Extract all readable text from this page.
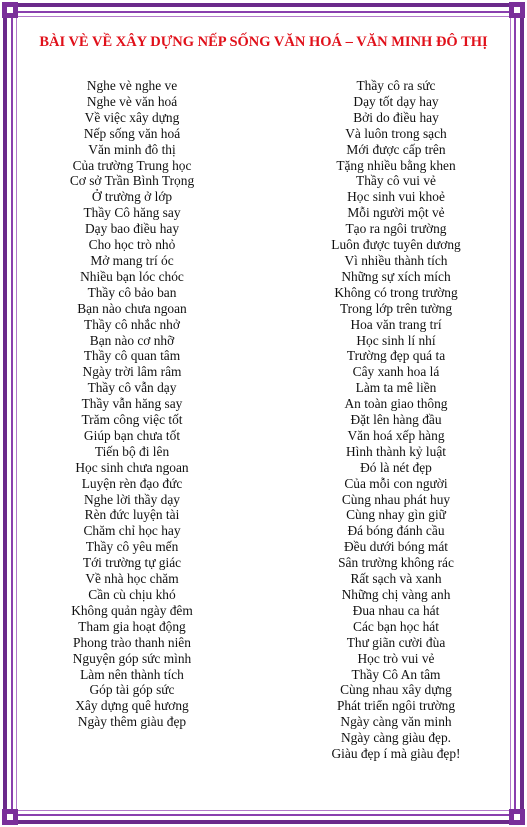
BÀI VÈ VỀ XÂY DỰNG NẾP SỐNG VĂN HOÁ – VĂN MINH ĐÔ THỊ
Nghe vè nghe ve
Nghe vè văn hoá
Về việc xây dựng
Nếp sống văn hoá
Văn minh đô thị
Của trường Trung học
Cơ sở Trần Bình Trọng
Ở trường ở lớp
Thầy Cô hăng say
Dạy bao điều hay
Cho học trò nhỏ
Mở mang trí óc
Nhiều bạn lóc chóc
Thầy cô bảo ban
Bạn nào chưa ngoan
Thầy cô nhắc nhở
Bạn nào cơ nhỡ
Thầy cô quan tâm
Ngày trời lâm râm
Thầy cô vẫn dạy
Thầy vẫn hăng say
Trăm công việc tốt
Giúp bạn chưa tốt
Tiến bộ đi lên
Học sinh chưa ngoan
Luyện rèn đạo đức
Nghe lời thầy dạy
Rèn đức luyện tài
Chăm chỉ học hay
Thầy cô yêu mến
Tới trường tự giác
Về nhà học chăm
Cần cù chịu khó
Không quản ngày đêm
Tham gia hoạt động
Phong trào thanh niên
Nguyện góp sức mình
Làm nên thành tích
Góp tài góp sức
Xây dựng quê hương
Ngày thêm giàu đẹp
Thầy cô ra sức
Dạy tốt dạy hay
Bởi do điều hay
Và luôn trong sạch
Mới được cấp trên
Tặng nhiều bằng khen
Thầy cô vui vẻ
Học sinh vui khoẻ
Mỗi người một vẻ
Tạo ra ngôi trường
Luôn được tuyên dương
Vì nhiều thành tích
Những sự xích mích
Không có trong trường
Trong lớp trên tường
Hoa văn trang trí
Học sinh lí nhí
Trường đẹp quá ta
Cây xanh hoa lá
Làm ta mê liền
An toàn giao thông
Đặt lên hàng đầu
Văn hoá xếp hàng
Hình thành kỷ luật
Đó là nét đẹp
Của mỗi con người
Cùng nhau phát huy
Cùng nhay gìn giữ
Đá bóng đánh cầu
Đều dưới bóng mát
Sân trường không rác
Rất sạch và xanh
Những chị vàng anh
Đua nhau ca hát
Các bạn học hát
Thư giãn cười đùa
Học trò vui vẻ
Thầy Cô An tâm
Cùng nhau xây dựng
Phát triển ngôi trường
Ngày càng văn minh
Ngày càng giàu đẹp.
Giàu đẹp í mà giàu đẹp!
